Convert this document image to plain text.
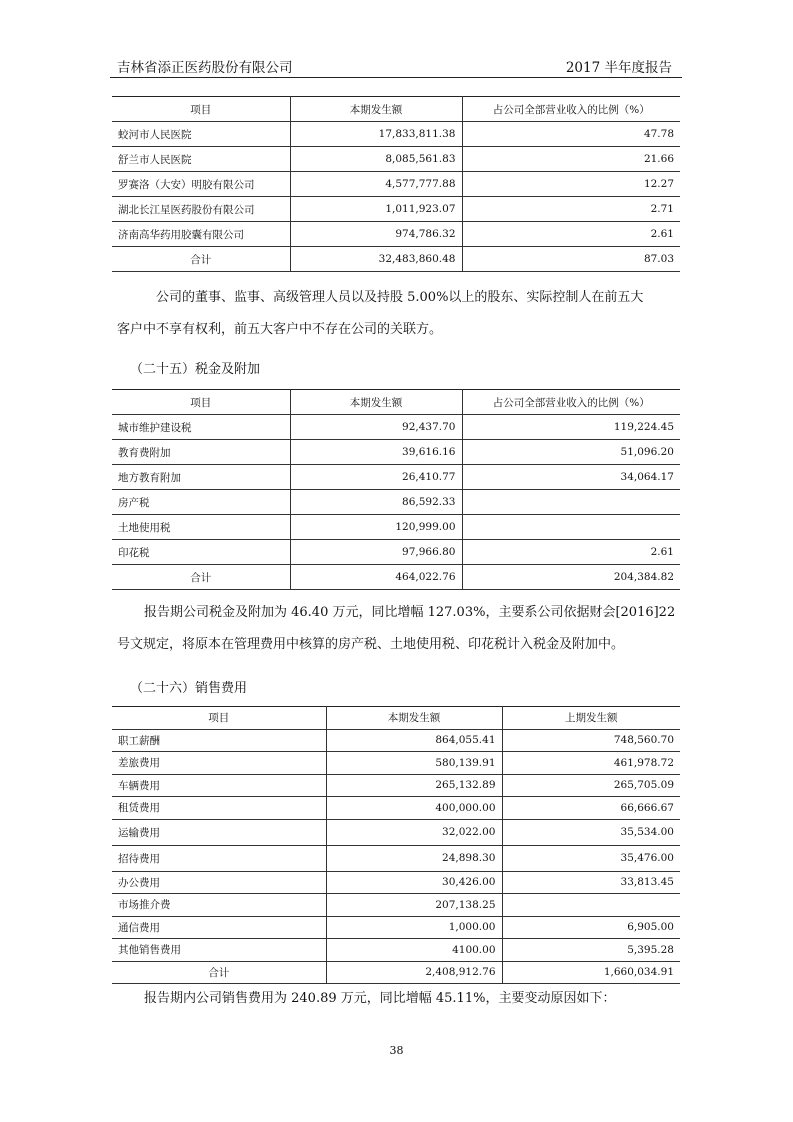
吉林省添正医药股份有限公司	2017 半年度报告
项目	本期发生额	占公司全部营业收入的比例（%）
蛟河市人民医院	17,833,811.38	47.78
舒兰市人民医院	8,085,561.83	21.66
罗赛洛（大安）明胶有限公司	4,577,777.88	12.27
湖北长江星医药股份有限公司	1,011,923.07	2.71
济南高华药用胶囊有限公司	974,786.32	2.61
合计	32,483,860.48	87.03
公司的董事、监事、高级管理人员以及持股 5.00%以上的股东、实际控制人在前五大
客户中不享有权利，前五大客户中不存在公司的关联方。
（二十五）税金及附加
项目	本期发生额	占公司全部营业收入的比例（%）
城市维护建设税	92,437.70	119,224.45
教育费附加	39,616.16	51,096.20
地方教育附加	26,410.77	34,064.17
房产税	86,592.33	
土地使用税	120,999.00	
印花税	97,966.80	2.61
合计	464,022.76	204,384.82
报告期公司税金及附加为 46.40 万元，同比增幅 127.03%，主要系公司依据财会[2016]22
号文规定，将原本在管理费用中核算的房产税、土地使用税、印花税计入税金及附加中。
（二十六）销售费用
项目	本期发生额	上期发生额
职工薪酬	864,055.41	748,560.70
差旅费用	580,139.91	461,978.72
车辆费用	265,132.89	265,705.09
租赁费用	400,000.00	66,666.67
运输费用	32,022.00	35,534.00
招待费用	24,898.30	35,476.00
办公费用	30,426.00	33,813.45
市场推介费	207,138.25	
通信费用	1,000.00	6,905.00
其他销售费用	4100.00	5,395.28
合计	2,408,912.76	1,660,034.91
报告期内公司销售费用为 240.89 万元，同比增幅 45.11%，主要变动原因如下：
38
